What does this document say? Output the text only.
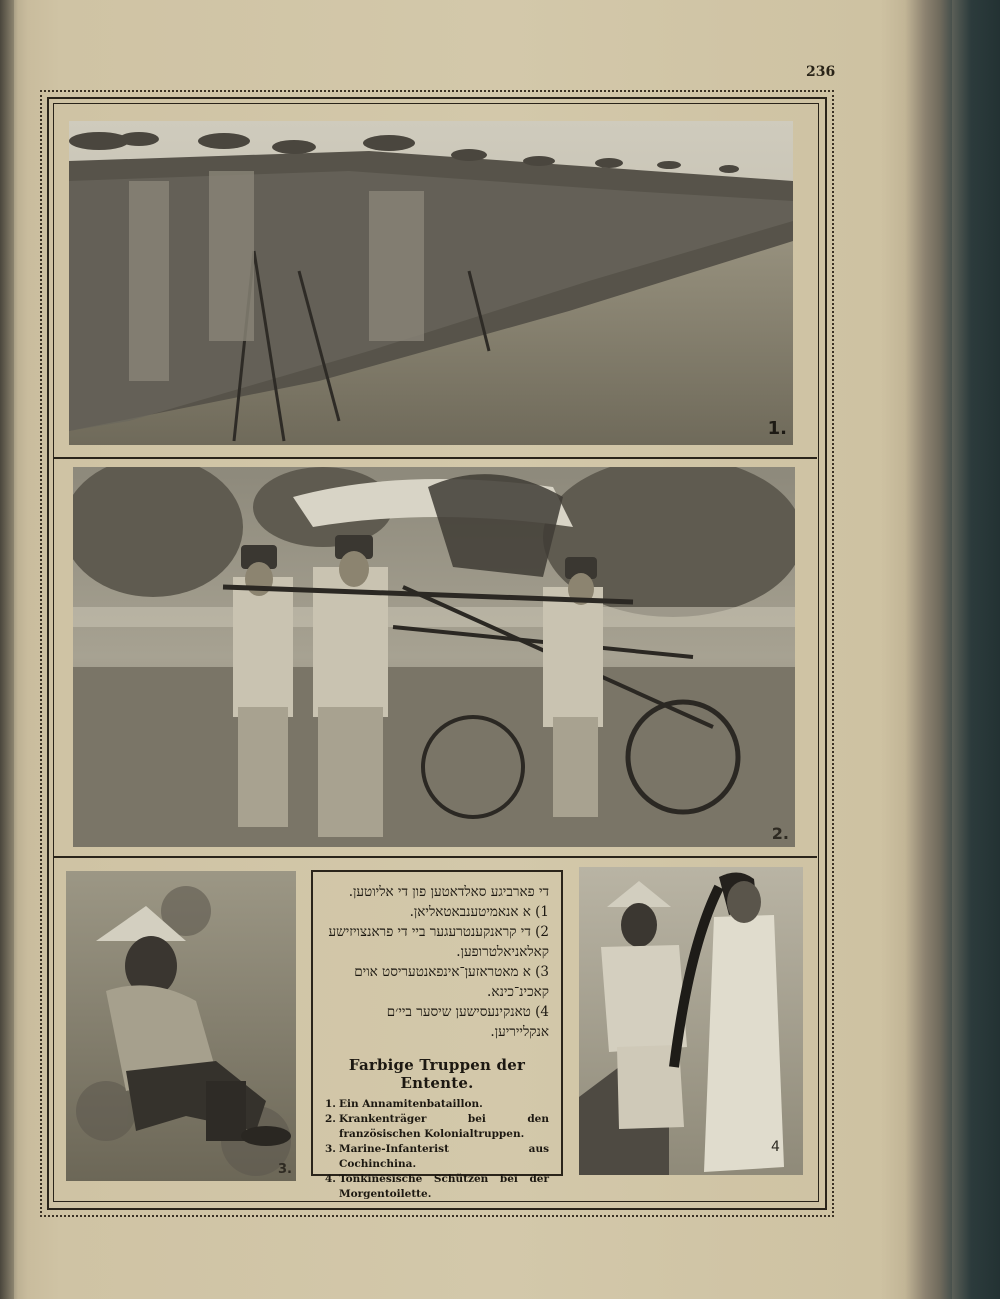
236
1.
2.
3.
די פארביגע סאלדאטען פון די אליוטען.
1) א אנאמיטענבאטאליאן.
2) די קראנקענטרעגער ביי די פראנצויזישע קאלאניאלטרופען.
3) א מאטראזען־אינפאנטעריסט אוים קאכינ־כינא.
4) טאנקינעסישען שיסער ביי׳ם אנקלייריען.
Farbige Truppen der Entente.
1. Ein Annamitenbataillon.
2. Krankenträger bei den französischen Kolonialtruppen.
3. Marine-Infanterist aus Cochinchina.
4. Tonkinesische Schützen bei der Morgentoilette.
4
